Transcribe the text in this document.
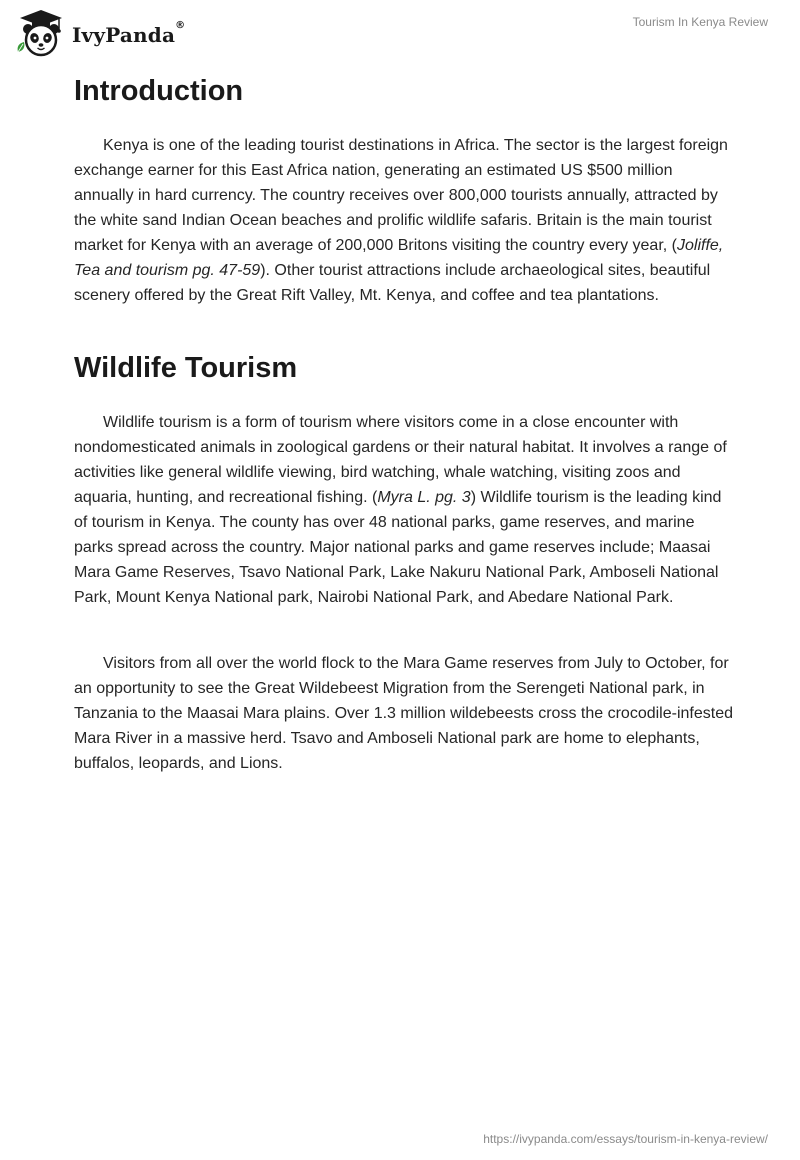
IvyPanda®	Tourism In Kenya Review
Introduction

Kenya is one of the leading tourist destinations in Africa. The sector is the largest foreign exchange earner for this East Africa nation, generating an estimated US $500 million annually in hard currency. The country receives over 800,000 tourists annually, attracted by the white sand Indian Ocean beaches and prolific wildlife safaris. Britain is the main tourist market for Kenya with an average of 200,000 Britons visiting the country every year, (Joliffe, Tea and tourism pg. 47-59). Other tourist attractions include archaeological sites, beautiful scenery offered by the Great Rift Valley, Mt. Kenya, and coffee and tea plantations.

Wildlife Tourism

Wildlife tourism is a form of tourism where visitors come in a close encounter with nondomesticated animals in zoological gardens or their natural habitat. It involves a range of activities like general wildlife viewing, bird watching, whale watching, visiting zoos and aquaria, hunting, and recreational fishing. (Myra L. pg. 3) Wildlife tourism is the leading kind of tourism in Kenya. The county has over 48 national parks, game reserves, and marine parks spread across the country. Major national parks and game reserves include; Maasai Mara Game Reserves, Tsavo National Park, Lake Nakuru National Park, Amboseli National Park, Mount Kenya National park, Nairobi National Park, and Abedare National Park.

Visitors from all over the world flock to the Mara Game reserves from July to October, for an opportunity to see the Great Wildebeest Migration from the Serengeti National park, in Tanzania to the Maasai Mara plains. Over 1.3 million wildebeests cross the crocodile-infested Mara River in a massive herd. Tsavo and Amboseli National park are home to elephants, buffalos, leopards, and Lions.

https://ivypanda.com/essays/tourism-in-kenya-review/
